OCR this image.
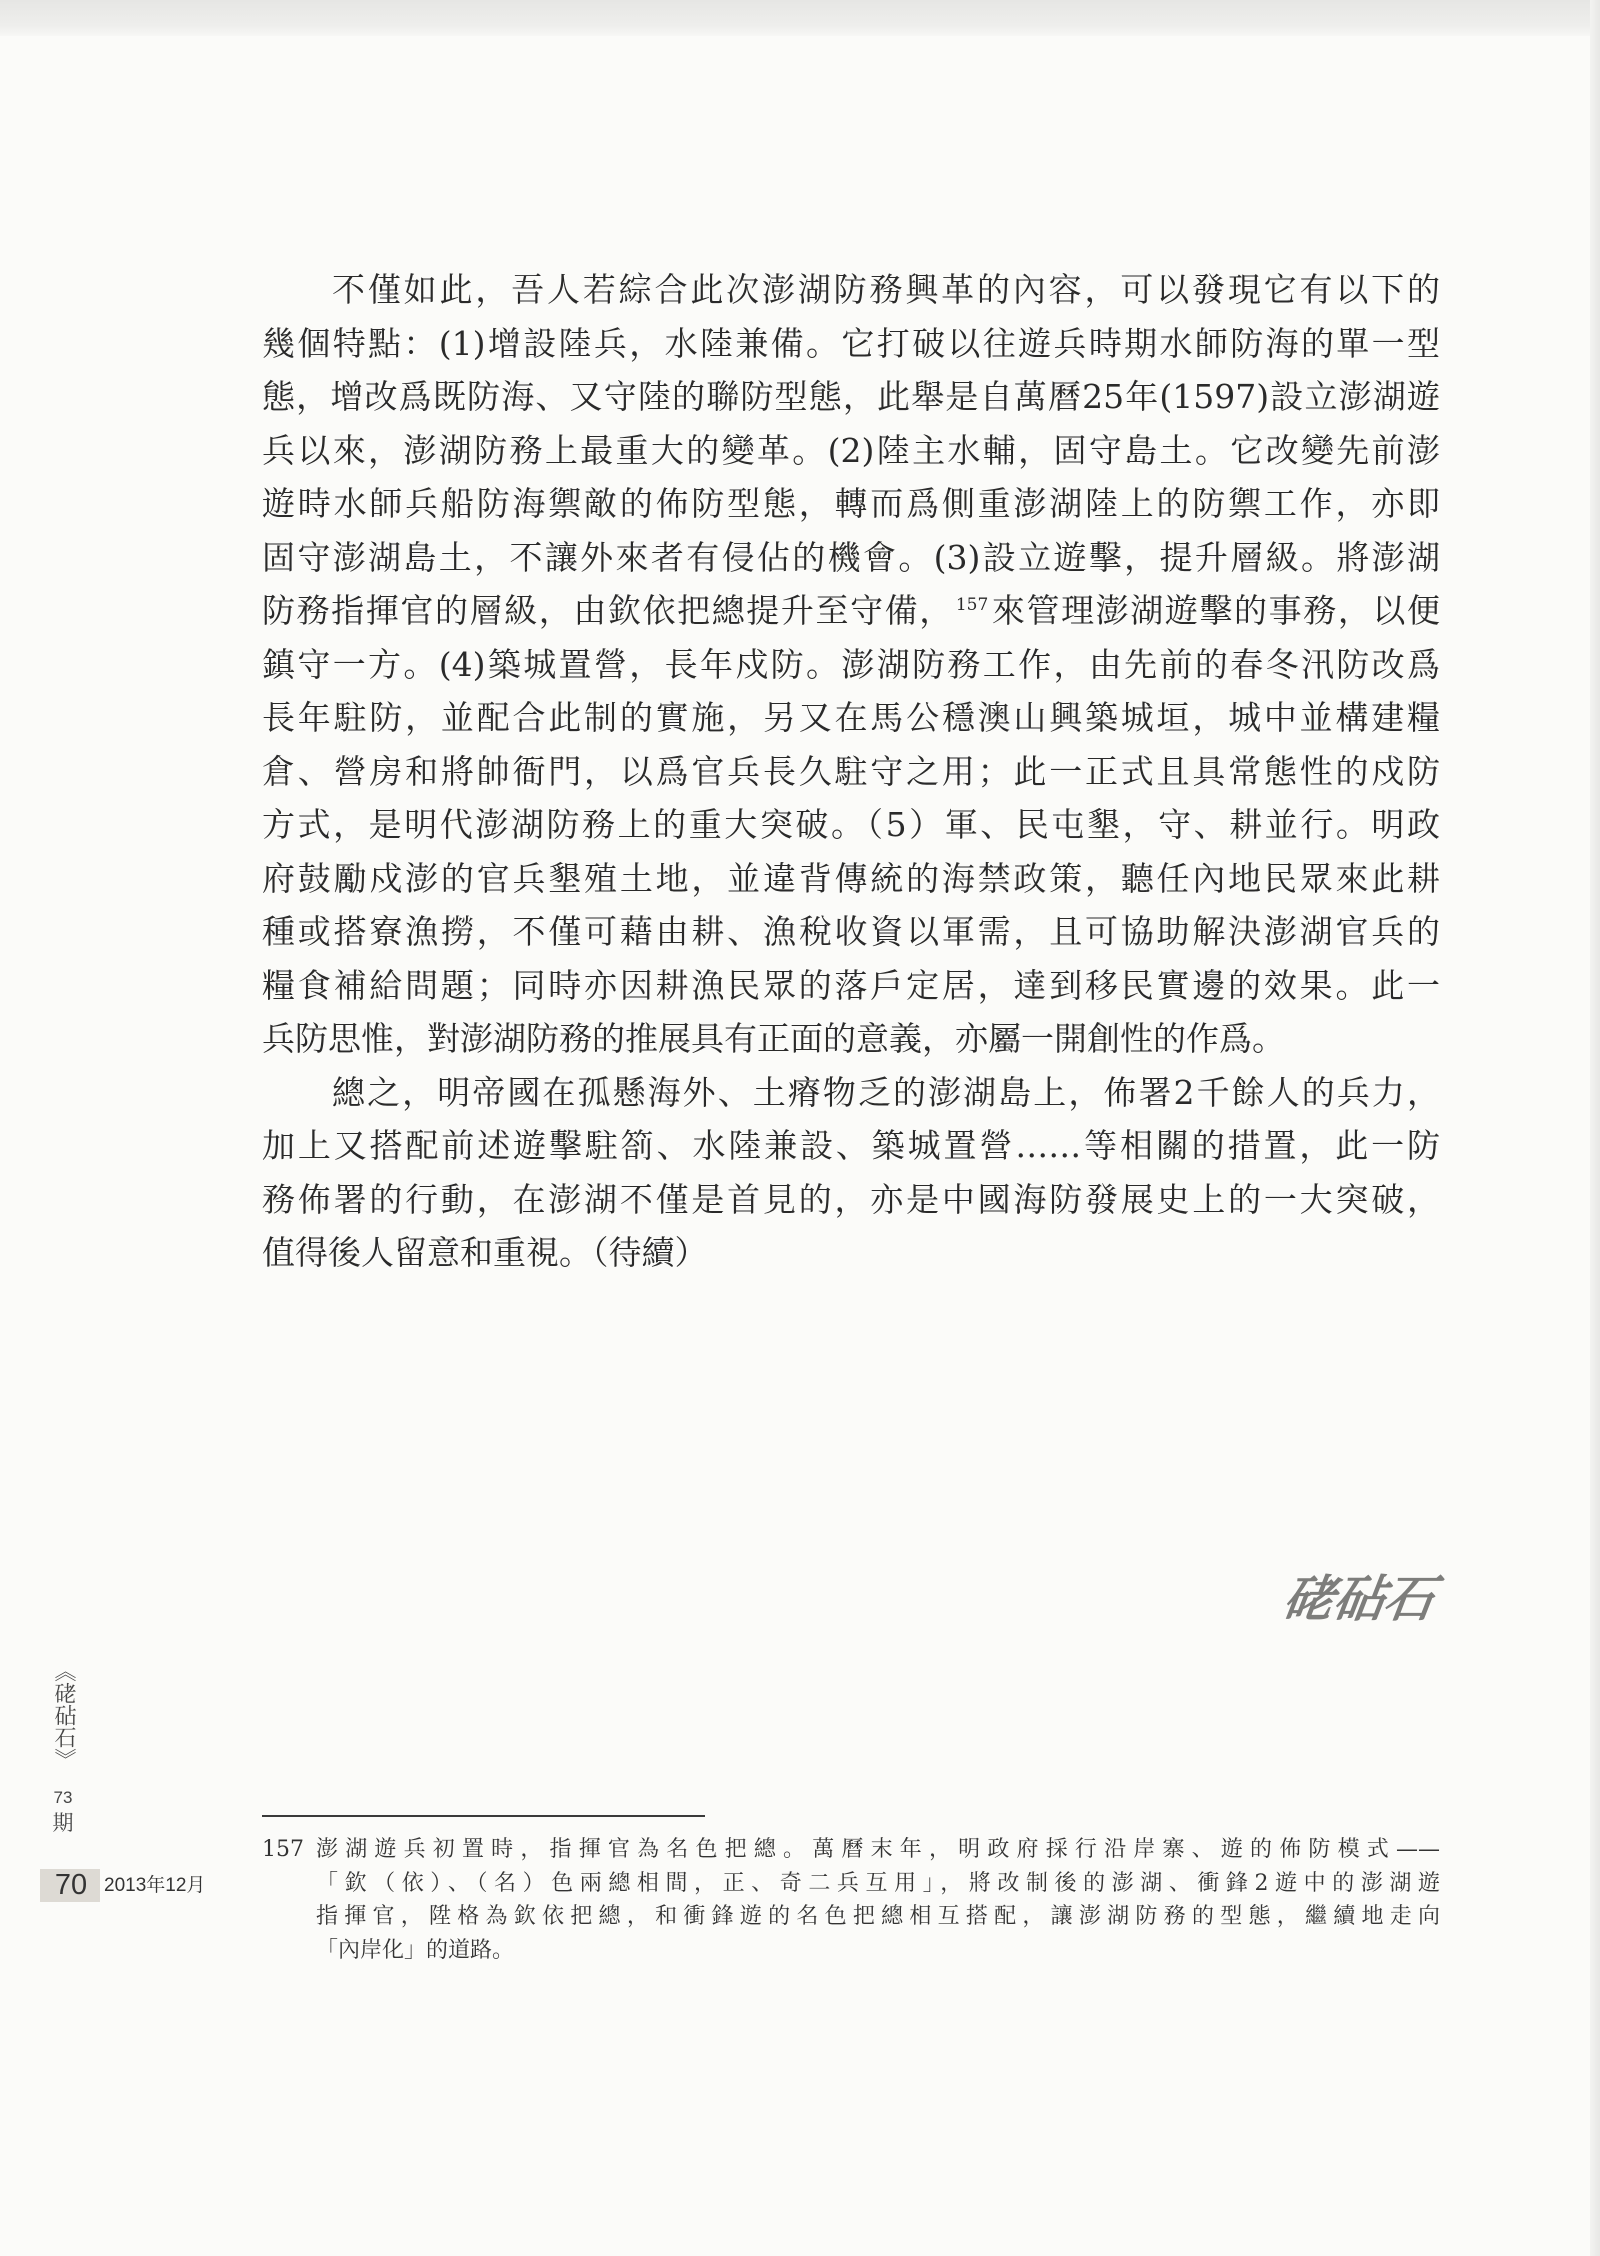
不僅如此，吾人若綜合此次澎湖防務興革的內容，可以發現它有以下的
幾個特點：(1)增設陸兵，水陸兼備。它打破以往遊兵時期水師防海的單一型
態，增改爲既防海、又守陸的聯防型態，此舉是自萬曆25年(1597)設立澎湖遊
兵以來，澎湖防務上最重大的變革。(2)陸主水輔，固守島土。它改變先前澎
遊時水師兵船防海禦敵的佈防型態，轉而爲側重澎湖陸上的防禦工作，亦即
固守澎湖島土，不讓外來者有侵佔的機會。(3)設立遊擊，提升層級。將澎湖
防務指揮官的層級，由欽依把總提升至守備， $^{157}$來管理澎湖遊擊的事務，以便
鎮守一方。(4)築城置營，長年戍防。澎湖防務工作，由先前的春冬汛防改爲
長年駐防，並配合此制的實施，另又在馬公穩澳山興築城垣，城中並構建糧
倉、營房和將帥衙門，以爲官兵長久駐守之用；此一正式且具常態性的戍防
方式，是明代澎湖防務上的重大突破。（5）軍、民屯墾，守、耕並行。明政
府鼓勵戍澎的官兵墾殖土地，並違背傳統的海禁政策，聽任內地民眾來此耕
種或搭寮漁撈，不僅可藉由耕、漁稅收資以軍需，且可協助解決澎湖官兵的
糧食補給問題；同時亦因耕漁民眾的落戶定居，達到移民實邊的效果。此一
兵防思惟，對澎湖防務的推展具有正面的意義，亦屬一開創性的作爲。
總之，明帝國在孤懸海外、土瘠物乏的澎湖島上，佈署2千餘人的兵力，
加上又搭配前述遊擊駐箚、水陸兼設、築城置營……等相關的措置，此一防
務佈署的行動，在澎湖不僅是首見的，亦是中國海防發展史上的一大突破，
值得後人留意和重視。（待續）
硓砧石
157 澎湖遊兵初置時，指揮官為名色把總。萬曆末年，明政府採行沿岸寨、遊的佈防模式——
「欽（依）、（名）色兩總相間，正、奇二兵互用」，將改制後的澎湖、衝鋒2遊中的澎湖遊
指揮官，陞格為欽依把總，和衝鋒遊的名色把總相互搭配，讓澎湖防務的型態，繼續地走向
「內岸化」的道路。
《硓砧石》
73
期
70 2013年12月
